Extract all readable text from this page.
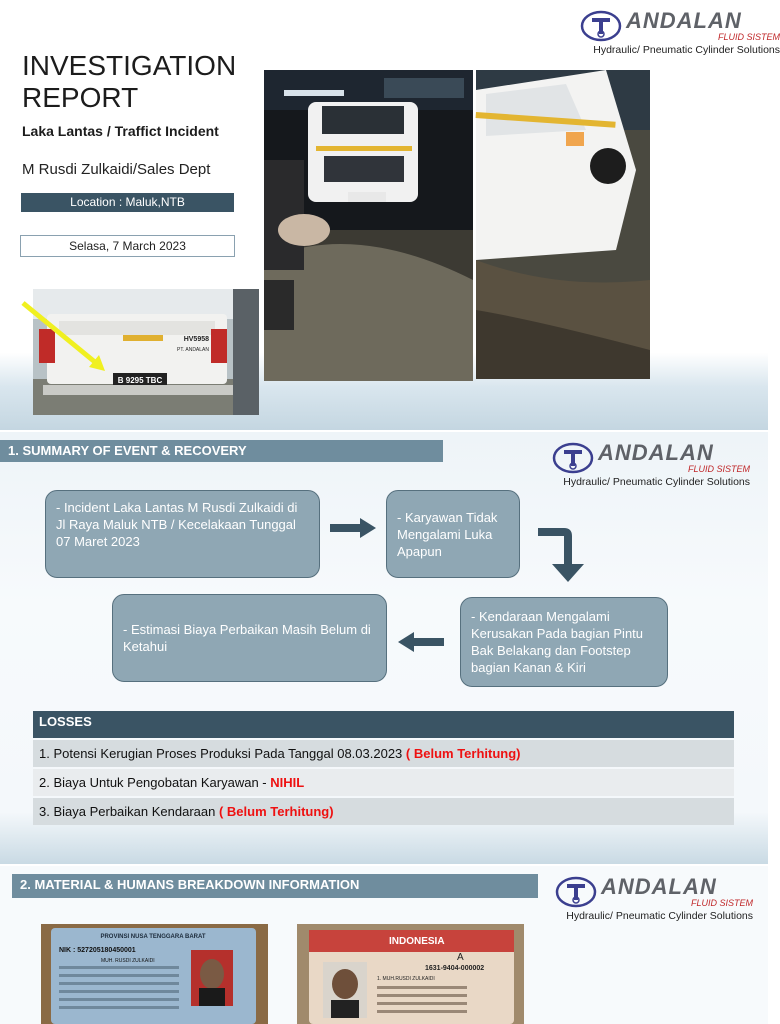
ANDALAN
FLUID SISTEM
Hydraulic/ Pneumatic Cylinder Solutions
INVESTIGATION
REPORT
Laka Lantas / Traffict Incident
M Rusdi Zulkaidi/Sales Dept
Location : Maluk,NTB
Selasa, 7 March 2023
HV5958
PT. ANDALAN
B 9295 TBC
1. SUMMARY OF EVENT & RECOVERY	ANDALAN
FLUID SISTEM
Hydraulic/ Pneumatic Cylinder Solutions
- Incident Laka Lantas M Rusdi Zulkaidi di Jl Raya Maluk NTB / Kecelakaan Tunggal
07 Maret 2023
- Karyawan Tidak Mengalami Luka Apapun
- Kendaraan Mengalami Kerusakan Pada bagian Pintu Bak Belakang dan Footstep bagian Kanan & Kiri
- Estimasi Biaya Perbaikan Masih Belum di Ketahui
LOSSES
1. Potensi Kerugian Proses Produksi Pada Tanggal 08.03.2023 ( Belum Terhitung)
2. Biaya Untuk Pengobatan Karyawan - NIHIL
3. Biaya Perbaikan Kendaraan ( Belum Terhitung)
2. MATERIAL & HUMANS BREAKDOWN INFORMATION	ANDALAN
FLUID SISTEM
Hydraulic/ Pneumatic Cylinder Solutions
PROVINSI NUSA TENGGARA BARAT
NIK : 527205180450001
MUH. RUSDI ZULKAIDI
INDONESIA
A
1631-9404-000002
1. MUH.RUSDI ZULKAIDI
